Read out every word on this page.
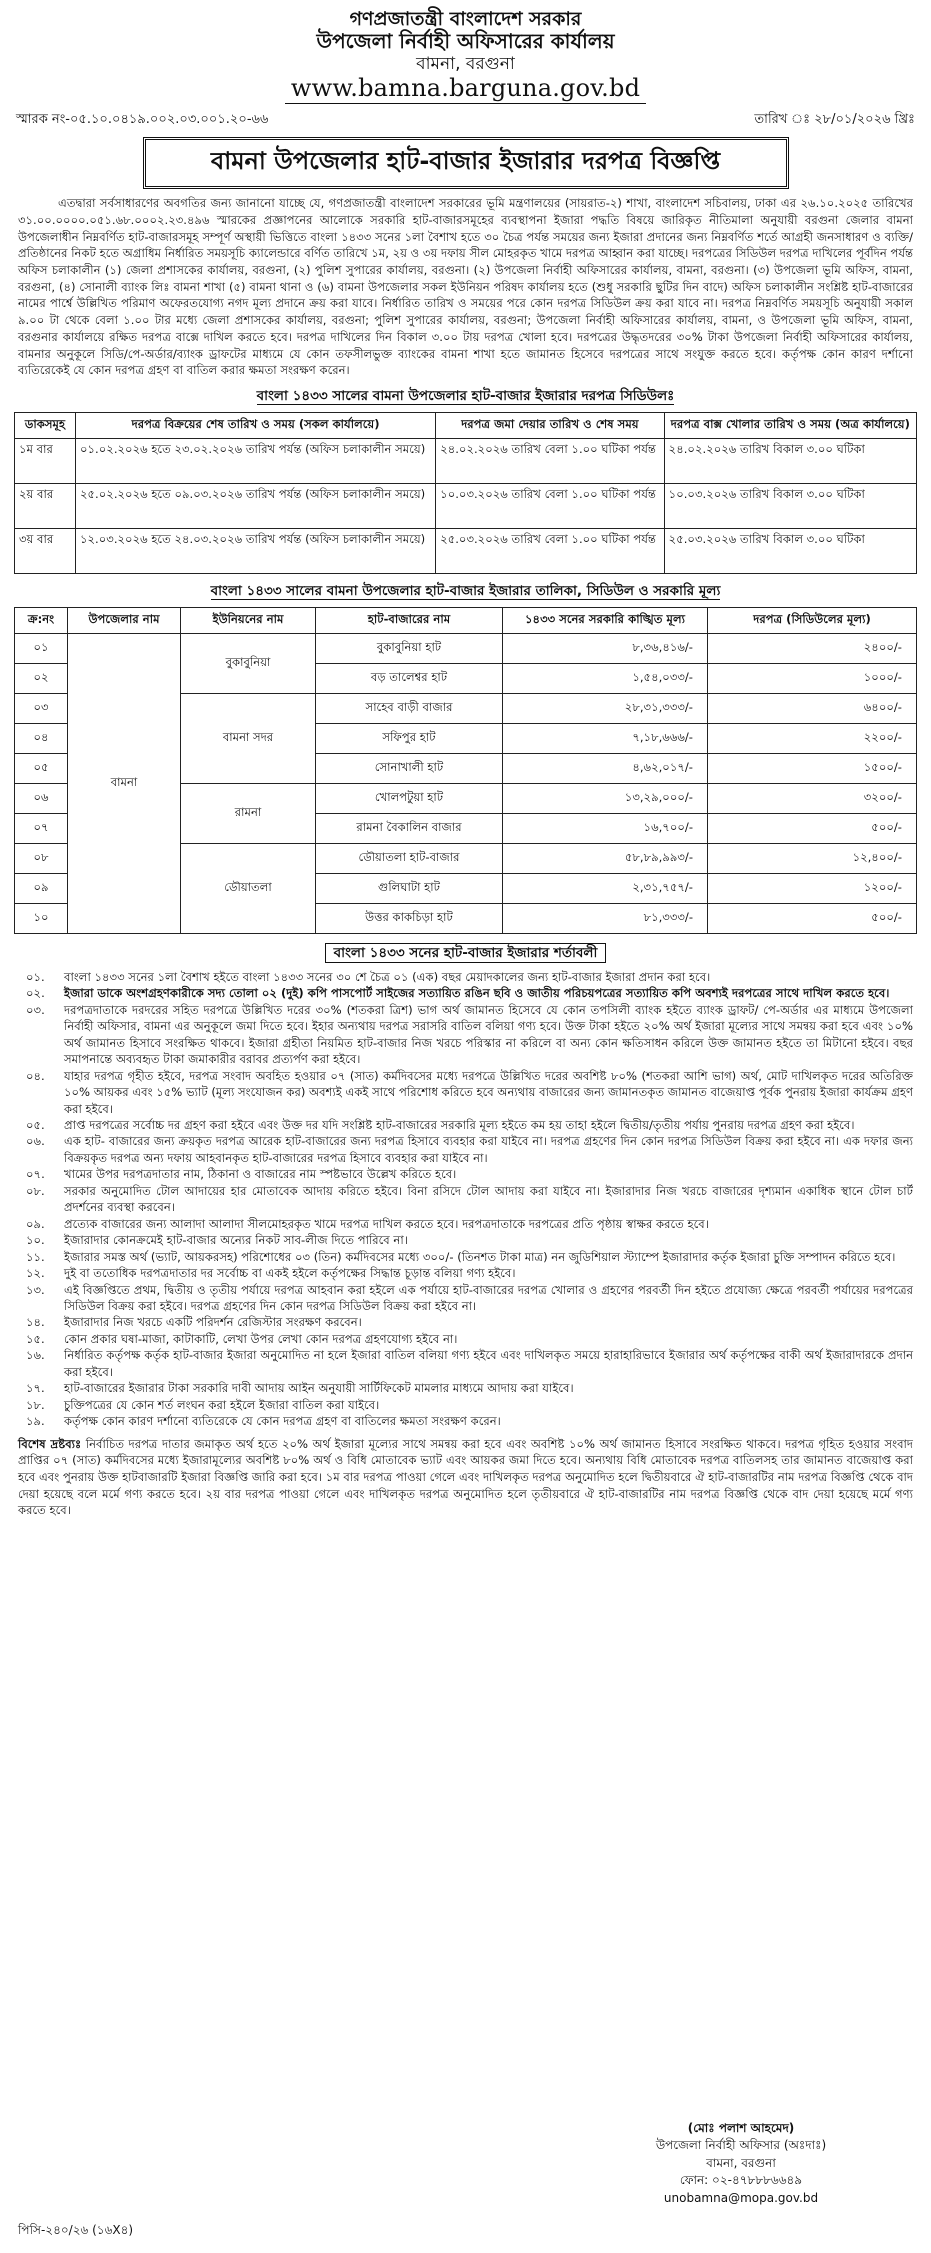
গণপ্রজাতন্ত্রী বাংলাদেশ সরকার
উপজেলা নির্বাহী অফিসারের কার্যালয়
বামনা, বরগুনা
www.bamna.barguna.gov.bd
স্মারক নং-০৫.১০.০৪১৯.০০২.০৩.০০১.২০-৬৬	তারিখ ঃ ২৮/০১/২০২৬ খ্রিঃ
বামনা উপজেলার হাট-বাজার ইজারার দরপত্র বিজ্ঞপ্তি

এতদ্বারা সর্বসাধারণের অবগতির জন্য জানানো যাচ্ছে যে, গণপ্রজাতন্ত্রী বাংলাদেশ সরকারের ভূমি মন্ত্রণালয়ের (সায়রাত-২) শাখা, বাংলাদেশ সচিবালয়, ঢাকা এর ২৬.১০.২০২৫ তারিখের ৩১.০০.০০০০.০৫১.৬৮.০০০২.২৩.৪৯৬ স্মারকের প্রজ্ঞাপনের আলোকে সরকারি হাট-বাজারসমূহের ব্যবস্থাপনা ইজারা পদ্ধতি বিষয়ে জারিকৃত নীতিমালা অনুযায়ী বরগুনা জেলার বামনা উপজেলাধীন নিম্নবর্ণিত হাট-বাজারসমূহ সম্পূর্ণ অস্থায়ী ভিত্তিতে বাংলা ১৪৩৩ সনের ১লা বৈশাখ হতে ৩০ চৈত্র পর্যন্ত সময়ের জন্য ইজারা প্রদানের জন্য নিম্নবর্ণিত শর্তে আগ্রহী জনসাধারণ ও ব্যক্তি/প্রতিষ্ঠানের নিকট হতে অগ্রাধিম নির্ধারিত সময়সূচি ক্যালেন্ডারে বর্ণিত তারিখে ১ম, ২য় ও ৩য় দফায় সীল মোহরকৃত খামে দরপত্র আহ্বান করা যাচ্ছে। দরপত্রের সিডিউল দরপত্র দাখিলের পূর্বদিন পর্যন্ত অফিস চলাকালীন (১) জেলা প্রশাসকের কার্যালয়, বরগুনা, (২) পুলিশ সুপারের কার্যালয়, বরগুনা। (২) উপজেলা নির্বাহী অফিসারের কার্যালয়, বামনা, বরগুনা। (৩) উপজেলা ভূমি অফিস, বামনা, বরগুনা, (৪) সোনালী ব্যাংক লিঃ বামনা শাখা (৫) বামনা থানা ও (৬) বামনা উপজেলার সকল ইউনিয়ন পরিষদ কার্যালয় হতে (শুধু সরকারি ছুটির দিন বাদে) অফিস চলাকালীন সংশ্লিষ্ট হাট-বাজারের নামের পার্শ্বে উল্লিখিত পরিমাণ অফেরতযোগ্য নগদ মূল্য প্রদানে ক্রয় করা যাবে। নির্ধারিত তারিখ ও সময়ের পরে কোন দরপত্র সিডিউল ক্রয় করা যাবে না। দরপত্র নিম্নবর্ণিত সময়সূচি অনুযায়ী সকাল ৯.০০ টা থেকে বেলা ১.০০ টার মধ্যে জেলা প্রশাসকের কার্যালয়, বরগুনা; পুলিশ সুপারের কার্যালয়, বরগুনা; উপজেলা নির্বাহী অফিসারের কার্যালয়, বামনা, ও উপজেলা ভূমি অফিস, বামনা, বরগুনার কার্যালয়ে রক্ষিত দরপত্র বাক্সে দাখিল করতে হবে। দরপত্র দাখিলের দিন বিকাল ৩.০০ টায় দরপত্র খোলা হবে। দরপত্রের উদ্ধৃতদরের ৩০% টাকা উপজেলা নির্বাহী অফিসারের কার্যালয়, বামনার অনুকূলে সিডি/পে-অর্ডার/ব্যাংক ড্রাফটের মাধ্যমে যে কোন তফসীলভুক্ত ব্যাংকের বামনা শাখা হতে জামানত হিসেবে দরপত্রের সাথে সংযুক্ত করতে হবে। কর্তৃপক্ষ কোন কারণ দর্শানো ব্যতিরেকেই যে কোন দরপত্র গ্রহণ বা বাতিল করার ক্ষমতা সংরক্ষণ করেন।

বাংলা ১৪৩৩ সালের বামনা উপজেলার হাট-বাজার ইজারার দরপত্র সিডিউলঃ
ডাকসমূহ	দরপত্র বিক্রয়ের শেষ তারিখ ও সময় (সকল কার্যালয়ে)	দরপত্র জমা দেয়ার তারিখ ও শেষ সময়	দরপত্র বাক্স খোলার তারিখ ও সময় (অত্র কার্যালয়ে)
১ম বার	০১.০২.২০২৬ হতে ২৩.০২.২০২৬ তারিখ পর্যন্ত (অফিস চলাকালীন সময়ে)	২৪.০২.২০২৬ তারিখ বেলা ১.০০ ঘটিকা পর্যন্ত	২৪.০২.২০২৬ তারিখ বিকাল ৩.০০ ঘটিকা
২য় বার	২৫.০২.২০২৬ হতে ০৯.০৩.২০২৬ তারিখ পর্যন্ত (অফিস চলাকালীন সময়ে)	১০.০৩.২০২৬ তারিখ বেলা ১.০০ ঘটিকা পর্যন্ত	১০.০৩.২০২৬ তারিখ বিকাল ৩.০০ ঘটিকা
৩য় বার	১২.০৩.২০২৬ হতে ২৪.০৩.২০২৬ তারিখ পর্যন্ত (অফিস চলাকালীন সময়ে)	২৫.০৩.২০২৬ তারিখ বেলা ১.০০ ঘটিকা পর্যন্ত	২৫.০৩.২০২৬ তারিখ বিকাল ৩.০০ ঘটিকা
বাংলা ১৪৩৩ সালের বামনা উপজেলার হাট-বাজার ইজারার তালিকা, সিডিউল ও সরকারি মূল্য
ক্র:নং	উপজেলার নাম	ইউনিয়নের নাম	হাট-বাজারের নাম	১৪৩৩ সনের সরকারি কাঙ্খিত মূল্য	দরপত্র (সিডিউলের মূল্য)
০১	বামনা	বুকাবুনিয়া	বুকাবুনিয়া হাট	৮,৩৬,৪১৬/-	২৪০০/-
০২			বড় তালেশ্বর হাট	১,৫৪,০৩৩/-	১০০০/-
০৩		বামনা সদর	সাহেব বাড়ী বাজার	২৮,৩১,৩৩৩/-	৬৪০০/-
০৪			সফিপুর হাট	৭,১৮,৬৬৬/-	২২০০/-
০৫			সোনাখালী হাট	৪,৬২,০১৭/-	১৫০০/-
০৬		রামনা	খোলপটুয়া হাট	১৩,২৯,০০০/-	৩২০০/-
০৭			রামনা বৈকালিন বাজার	১৬,৭০০/-	৫০০/-
০৮		ডৌয়াতলা	ডৌয়াতলা হাট-বাজার	৫৮,৮৯,৯৯৩/-	১২,৪০০/-
০৯			গুলিঘাটা হাট	২,৩১,৭৫৭/-	১২০০/-
১০			উত্তর কাকচিড়া হাট	৮১,৩৩৩/-	৫০০/-
বাংলা ১৪৩৩ সনের হাট-বাজার ইজারার শর্তাবলী
০১.	বাংলা ১৪৩৩ সনের ১লা বৈশাখ হইতে বাংলা ১৪৩৩ সনের ৩০ শে চৈত্র ০১ (এক) বছর মেয়াদকালের জন্য হাট-বাজার ইজারা প্রদান করা হবে।
০২.	ইজারা ডাকে অংশগ্রহণকারীকে সদ্য তোলা ০২ (দুই) কপি পাসপোর্ট সাইজের সত্যায়িত রঙিন ছবি ও জাতীয় পরিচয়পত্রের সত্যায়িত কপি অবশ্যই দরপত্রের সাথে দাখিল করতে হবে।
০৩.	দরপত্রদাতাকে দরদরের সহিত দরপত্রে উল্লিখিত দরের ৩০% (শতকরা ত্রিশ) ভাগ অর্থ জামানত হিসেবে যে কোন তপসিলী ব্যাংক হইতে ব্যাংক ড্রাফট/ পে-অর্ডার এর মাধ্যমে উপজেলা নির্বাহী অফিসার, বামনা এর অনুকূলে জমা দিতে হবে। ইহার অন্যথায় দরপত্র সরাসরি বাতিল বলিয়া গণ্য হবে। উক্ত টাকা হইতে ২০% অর্থ ইজারা মূল্যের সাথে সমন্বয় করা হবে এবং ১০% অর্থ জামানত হিসাবে সংরক্ষিত থাকবে। ইজারা গ্রহীতা নিয়মিত হাট-বাজার নিজ খরচে পরিস্কার না করিলে বা অন্য কোন ক্ষতিসাধন করিলে উক্ত জামানত হইতে তা মিটানো হইবে। বছর সমাপনান্তে অব্যবহৃত টাকা জমাকারীর বরাবর প্রত্যর্পণ করা হইবে।
০৪.	যাহার দরপত্র গৃহীত হইবে, দরপত্র সংবাদ অবহিত হওয়ার ০৭ (সাত) কর্মদিবসের মধ্যে দরপত্রে উল্লিখিত দরের অবশিষ্ট ৮০% (শতকরা আশি ভাগ) অর্থ, মোট দাখিলকৃত দরের অতিরিক্ত ১০% আয়কর এবং ১৫% ভ্যাট (মূল্য সংযোজন কর) অবশ্যই একই সাথে পরিশোধ করিতে হবে অন্যথায় বাজারের জন্য জামানতকৃত জামানত বাজেয়াপ্ত পূর্বক পুনরায় ইজারা কার্যক্রম গ্রহণ করা হইবে।
০৫.	প্রাপ্ত দরপত্রের সর্বোচ্চ দর গ্রহণ করা হইবে এবং উক্ত দর যদি সংশ্লিষ্ট হাট-বাজারের সরকারি মূল্য হইতে কম হয় তাহা হইলে দ্বিতীয়/তৃতীয় পর্যায় পুনরায় দরপত্র গ্রহণ করা হইবে।
০৬.	এক হাট- বাজারের জন্য ক্রয়কৃত দরপত্র আরেক হাট-বাজারের জন্য দরপত্র হিসাবে ব্যবহার করা যাইবে না। দরপত্র গ্রহণের দিন কোন দরপত্র সিডিউল বিক্রয় করা হইবে না। এক দফার জন্য বিক্রয়কৃত দরপত্র অন্য দফায় আহবানকৃত হাট-বাজারের দরপত্র হিসাবে ব্যবহার করা যাইবে না।
০৭.	খামের উপর দরপত্রদাতার নাম, ঠিকানা ও বাজারের নাম স্পষ্টভাবে উল্লেখ করিতে হবে।
০৮.	সরকার অনুমোদিত টোল আদায়ের হার মোতাবেক আদায় করিতে হইবে। বিনা রসিদে টোল আদায় করা যাইবে না। ইজারাদার নিজ খরচে বাজারের দৃশ্যমান একাধিক স্থানে টোল চার্ট প্রদর্শনের ব্যবস্থা করবেন।
০৯.	প্রত্যেক বাজারের জন্য আলাদা আলাদা সীলমোহরকৃত খামে দরপত্র দাখিল করতে হবে। দরপত্রদাতাকে দরপত্রের প্রতি পৃষ্ঠায় স্বাক্ষর করতে হবে।
১০.	ইজারাদার কোনক্রমেই হাট-বাজার অন্যের নিকট সাব-লীজ দিতে পারিবে না।
১১.	ইজারার সমস্ত অর্থ (ভ্যাট, আয়করসহ) পরিশোধের ০৩ (তিন) কর্মদিবসের মধ্যে ৩০০/- (তিনশত টাকা মাত্র) নন জুডিশিয়াল স্ট্যাম্পে ইজারাদার কর্তৃক ইজারা চুক্তি সম্পাদন করিতে হবে।
১২.	দুই বা ততোধিক দরপত্রদাতার দর সর্বোচ্চ বা একই হইলে কর্তৃপক্ষের সিদ্ধান্ত চূড়ান্ত বলিয়া গণ্য হইবে।
১৩.	এই বিজ্ঞপ্তিতে প্রথম, দ্বিতীয় ও তৃতীয় পর্যায়ে দরপত্র আহবান করা হইলে এক পর্যায়ে হাট-বাজারের দরপত্র খোলার ও গ্রহণের পরবর্তী দিন হইতে প্রযোজ্য ক্ষেত্রে পরবর্তী পর্যায়ের দরপত্রের সিডিউল বিক্রয় করা হইবে। দরপত্র গ্রহণের দিন কোন দরপত্র সিডিউল বিক্রয় করা হইবে না।
১৪.	ইজারাদার নিজ খরচে একটি পরিদর্শন রেজিস্টার সংরক্ষণ করবেন।
১৫.	কোন প্রকার ঘষা-মাজা, কাটাকাটি, লেখা উপর লেখা কোন দরপত্র গ্রহণযোগ্য হইবে না।
১৬.	নির্ধারিত কর্তৃপক্ষ কর্তৃক হাট-বাজার ইজারা অনুমোদিত না হলে ইজারা বাতিল বলিয়া গণ্য হইবে এবং দাখিলকৃত সময়ে হারাহারিভাবে ইজারার অর্থ কর্তৃপক্ষের বাকী অর্থ ইজারাদারকে প্রদান করা হইবে।
১৭.	হাট-বাজারের ইজারার টাকা সরকারি দাবী আদায় আইন অনুযায়ী সার্টিফিকেট মামলার মাধ্যমে আদায় করা যাইবে।
১৮.	চুক্তিপত্রের যে কোন শর্ত লংঘন করা হইলে ইজারা বাতিল করা যাইবে।
১৯.	কর্তৃপক্ষ কোন কারণ দর্শানো ব্যতিরেকে যে কোন দরপত্র গ্রহণ বা বাতিলের ক্ষমতা সংরক্ষণ করেন।

বিশেষ দ্রষ্টব্যঃ নির্বাচিত দরপত্র দাতার জমাকৃত অর্থ হতে ২০% অর্থ ইজারা মূল্যের সাথে সমন্বয় করা হবে এবং অবশিষ্ট ১০% অর্থ জামানত হিসাবে সংরক্ষিত থাকবে। দরপত্র গৃহিত হওয়ার সংবাদ প্রাপ্তির ০৭ (সাত) কর্মদিবসের মধ্যে ইজারামূল্যের অবশিষ্ট ৮০% অর্থ ও বিধি মোতাবেক ভ্যাট এবং আয়কর জমা দিতে হবে। অন্যথায় বিধি মোতাবেক দরপত্র বাতিলসহ তার জামানত বাজেয়াপ্ত করা হবে এবং পুনরায় উক্ত হাটবাজারটি ইজারা বিজ্ঞপ্তি জারি করা হবে। ১ম বার দরপত্র পাওয়া গেলে এবং দাখিলকৃত দরপত্র অনুমোদিত হলে দ্বিতীয়বারে ঐ হাট-বাজারটির নাম দরপত্র বিজ্ঞপ্তি থেকে বাদ দেয়া হয়েছে বলে মর্মে গণ্য করতে হবে। ২য় বার দরপত্র পাওয়া গেলে এবং দাখিলকৃত দরপত্র অনুমোদিত হলে তৃতীয়বারে ঐ হাট-বাজারটির নাম দরপত্র বিজ্ঞপ্তি থেকে বাদ দেয়া হয়েছে মর্মে গণ্য করতে হবে।

(মোঃ পলাশ আহমেদ)
উপজেলা নির্বাহী অফিসার (অঃদাঃ)
বামনা, বরগুনা
ফোন: ০২-৪৭৮৮৮৬৬৪৯
unobamna@mopa.gov.bd
পিসি-২৪০/২৬ (১৬X৪)
